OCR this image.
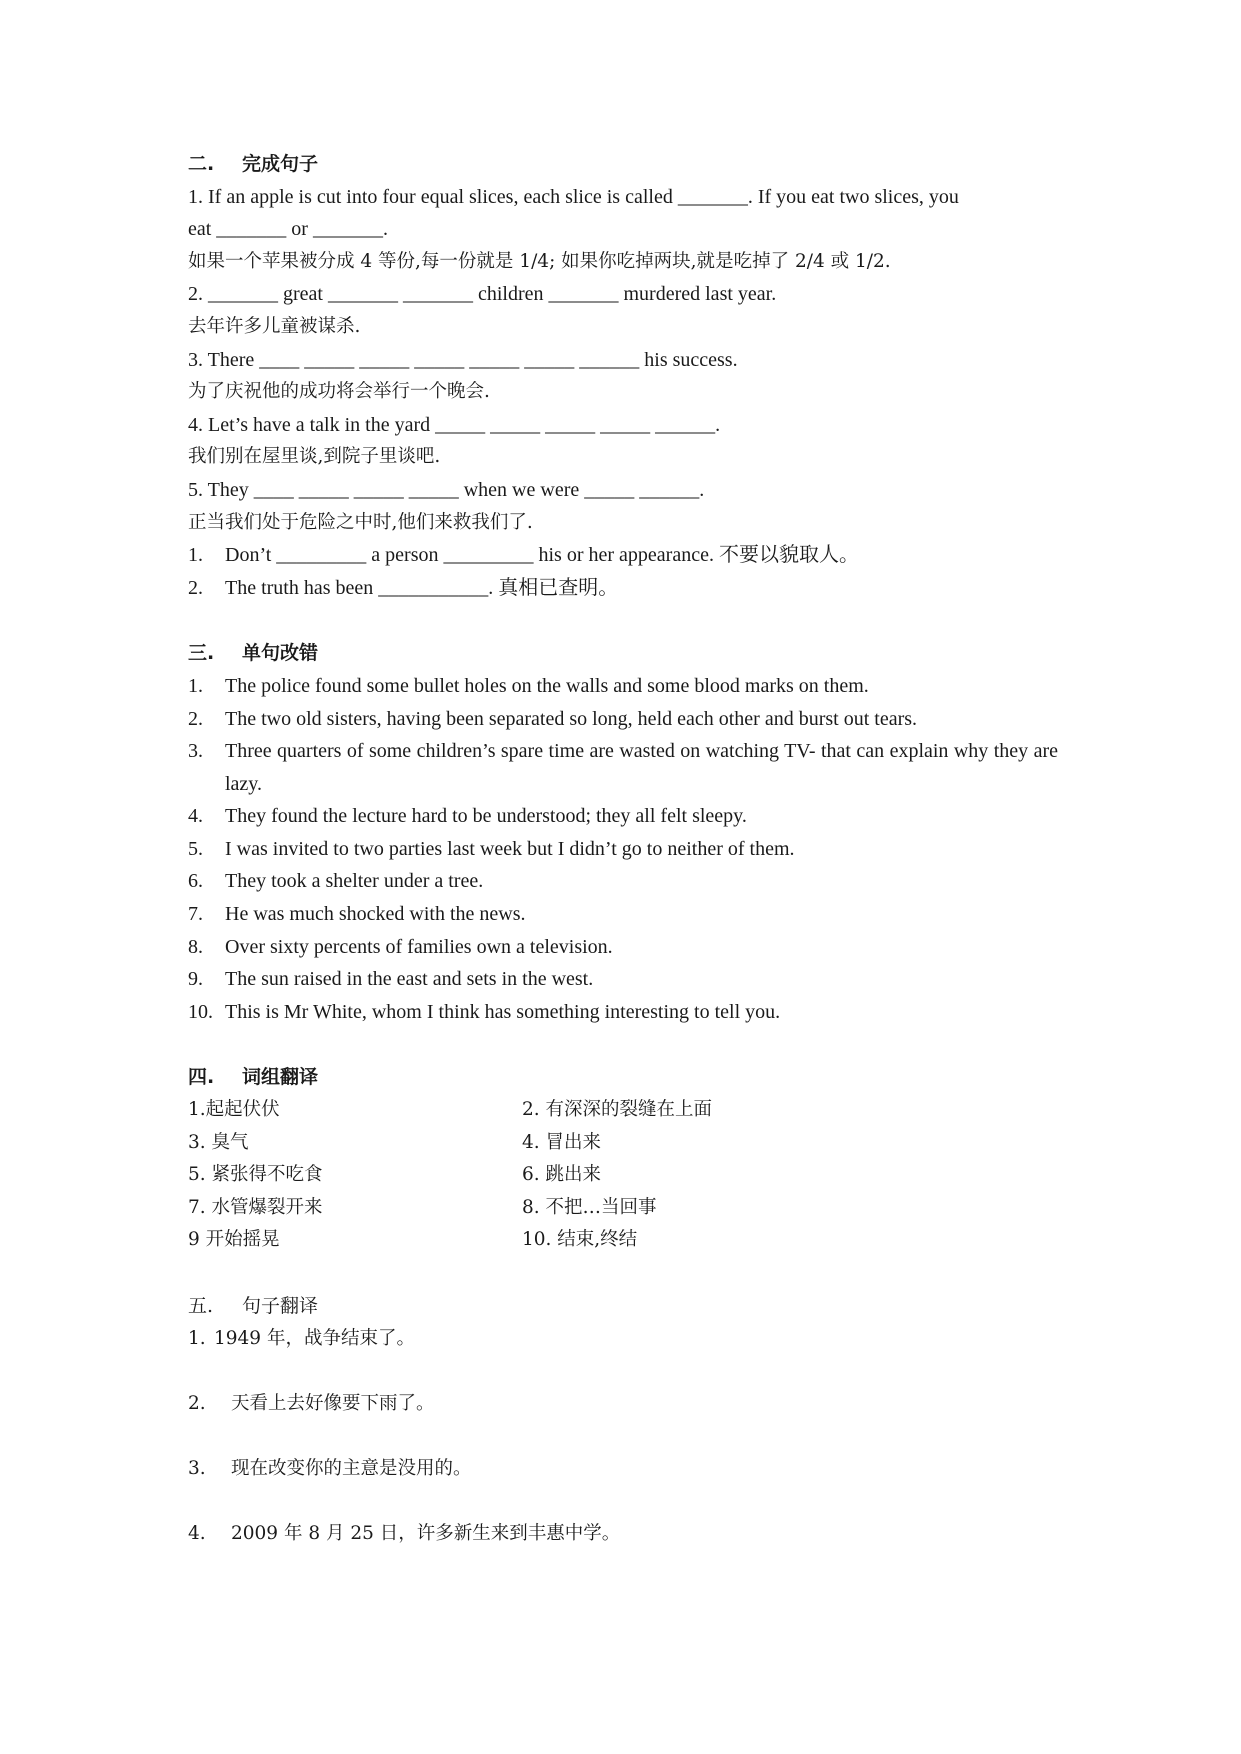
二. 完成句子
1. If an apple is cut into four equal slices, each slice is called _______. If you eat two slices, you
eat _______ or _______.
如果一个苹果被分成 4 等份,每一份就是 1/4; 如果你吃掉两块,就是吃掉了 2/4 或 1/2.
2. _______ great _______ _______ children _______ murdered last year.
去年许多儿童被谋杀.
3. There ____ _____ _____ _____ _____ _____ ______ his success.
为了庆祝他的成功将会举行一个晚会.
4. Let’s have a talk in the yard _____ _____ _____ _____ ______.
我们别在屋里谈,到院子里谈吧.
5. They ____ _____ _____ _____ when we were _____ ______.
正当我们处于危险之中时,他们来救我们了.
1.	Don’t _________ a person _________ his or her appearance. 不要以貌取人。
2.	The truth has been ___________. 真相已查明。
三. 单句改错
1.	The police found some bullet holes on the walls and some blood marks on them.
2.	The two old sisters, having been separated so long, held each other and burst out tears.
3.	Three quarters of some children’s spare time are wasted on watching TV- that can explain why they are lazy.
4.	They found the lecture hard to be understood; they all felt sleepy.
5.	I was invited to two parties last week but I didn’t go to neither of them.
6.	They took a shelter under a tree.
7.	He was much shocked with the news.
8.	Over sixty percents of families own a television.
9.	The sun raised in the east and sets in the west.
10. This is Mr White, whom I think has something interesting to tell you.
四. 词组翻译
1.起起伏伏	2. 有深深的裂缝在上面
3. 臭气	4. 冒出来
5. 紧张得不吃食	6. 跳出来
7. 水管爆裂开来	8. 不把…当回事
9 开始摇晃	10. 结束,终结
五. 句子翻译
1. 1949 年，战争结束了。
2.	天看上去好像要下雨了。
3.	现在改变你的主意是没用的。
4.	2009 年 8 月 25 日，许多新生来到丰惠中学。
